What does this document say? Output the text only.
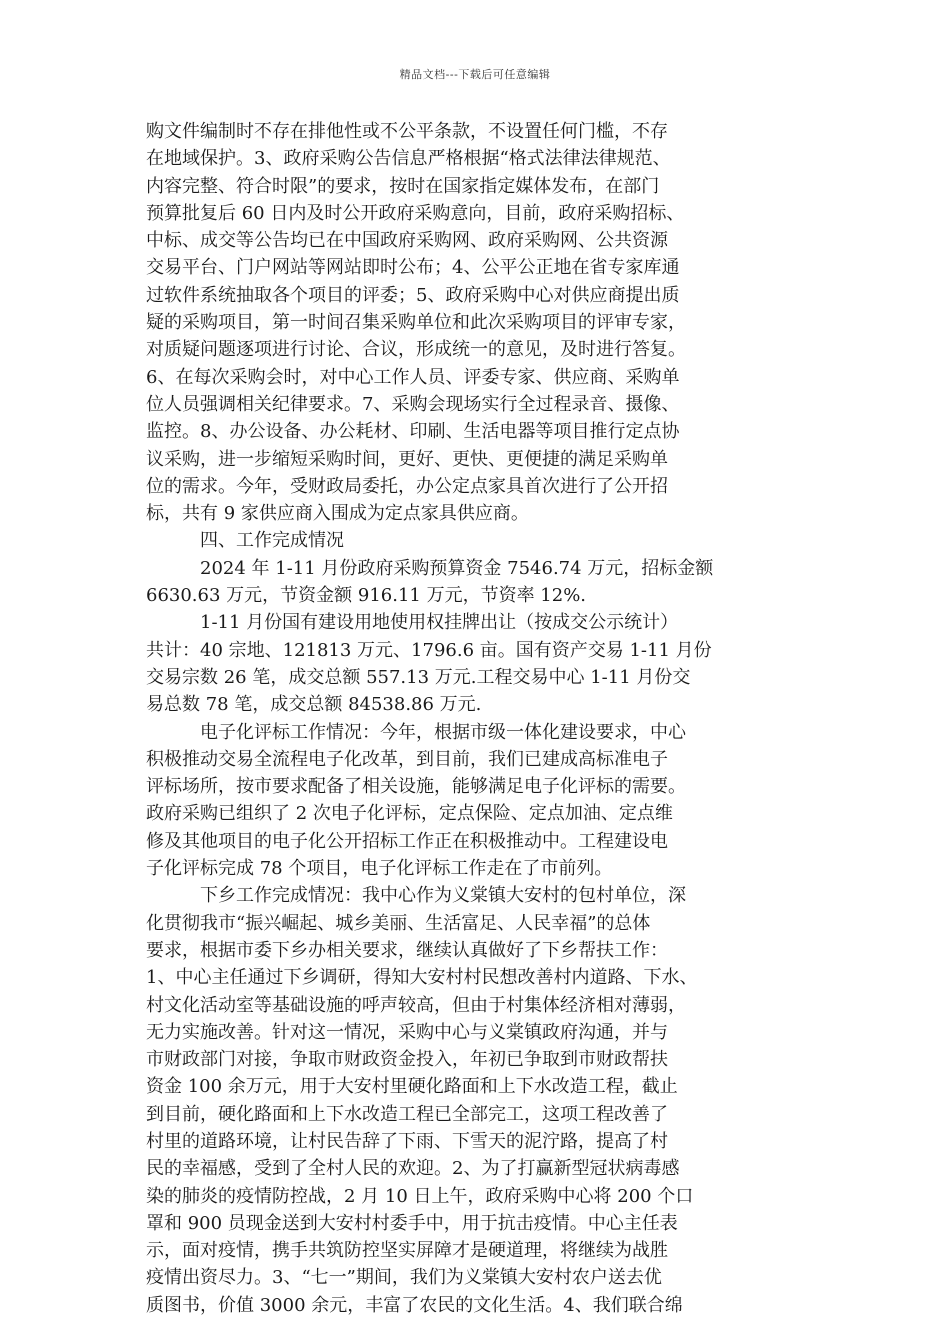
精品文档---下载后可任意编辑
购文件编制时不存在排他性或不公平条款，不设置任何门槛，不存
在地域保护。3、政府采购公告信息严格根据“格式法律法律规范、
内容完整、符合时限”的要求，按时在国家指定媒体发布，在部门
预算批复后 60 日内及时公开政府采购意向，目前，政府采购招标、
中标、成交等公告均已在中国政府采购网、政府采购网、公共资源
交易平台、门户网站等网站即时公布；4、公平公正地在省专家库通
过软件系统抽取各个项目的评委；5、政府采购中心对供应商提出质
疑的采购项目，第一时间召集采购单位和此次采购项目的评审专家，
对质疑问题逐项进行讨论、合议，形成统一的意见，及时进行答复。
6、在每次采购会时，对中心工作人员、评委专家、供应商、采购单
位人员强调相关纪律要求。7、采购会现场实行全过程录音、摄像、
监控。8、办公设备、办公耗材、印刷、生活电器等项目推行定点协
议采购，进一步缩短采购时间，更好、更快、更便捷的满足采购单
位的需求。今年，受财政局委托，办公定点家具首次进行了公开招
标，共有 9 家供应商入围成为定点家具供应商。
四、工作完成情况
2024 年 1-11 月份政府采购预算资金 7546.74 万元，招标金额
6630.63 万元，节资金额 916.11 万元，节资率 12%.
1-11 月份国有建设用地使用权挂牌出让（按成交公示统计）
共计：40 宗地、121813 万元、1796.6 亩。国有资产交易 1-11 月份
交易宗数 26 笔，成交总额 557.13 万元.工程交易中心 1-11 月份交
易总数 78 笔，成交总额 84538.86 万元.
电子化评标工作情况：今年，根据市级一体化建设要求，中心
积极推动交易全流程电子化改革，到目前，我们已建成高标准电子
评标场所，按市要求配备了相关设施，能够满足电子化评标的需要。
政府采购已组织了 2 次电子化评标，定点保险、定点加油、定点维
修及其他项目的电子化公开招标工作正在积极推动中。工程建设电
子化评标完成 78 个项目，电子化评标工作走在了市前列。
下乡工作完成情况：我中心作为义棠镇大安村的包村单位，深
化贯彻我市“振兴崛起、城乡美丽、生活富足、人民幸福”的总体
要求，根据市委下乡办相关要求，继续认真做好了下乡帮扶工作：
1、中心主任通过下乡调研，得知大安村村民想改善村内道路、下水、
村文化活动室等基础设施的呼声较高，但由于村集体经济相对薄弱，
无力实施改善。针对这一情况，采购中心与义棠镇政府沟通，并与
市财政部门对接，争取市财政资金投入，年初已争取到市财政帮扶
资金 100 余万元，用于大安村里硬化路面和上下水改造工程，截止
到目前，硬化路面和上下水改造工程已全部完工，这项工程改善了
村里的道路环境，让村民告辞了下雨、下雪天的泥泞路，提高了村
民的幸福感，受到了全村人民的欢迎。2、为了打赢新型冠状病毒感
染的肺炎的疫情防控战，2 月 10 日上午，政府采购中心将 200 个口
罩和 900 员现金送到大安村村委手中，用于抗击疫情。中心主任表
示，面对疫情，携手共筑防控坚实屏障才是硬道理，将继续为战胜
疫情出资尽力。3、“七一”期间，我们为义棠镇大安村农户送去优
质图书，价值 3000 余元，丰富了农民的文化生活。4、我们联合绵
